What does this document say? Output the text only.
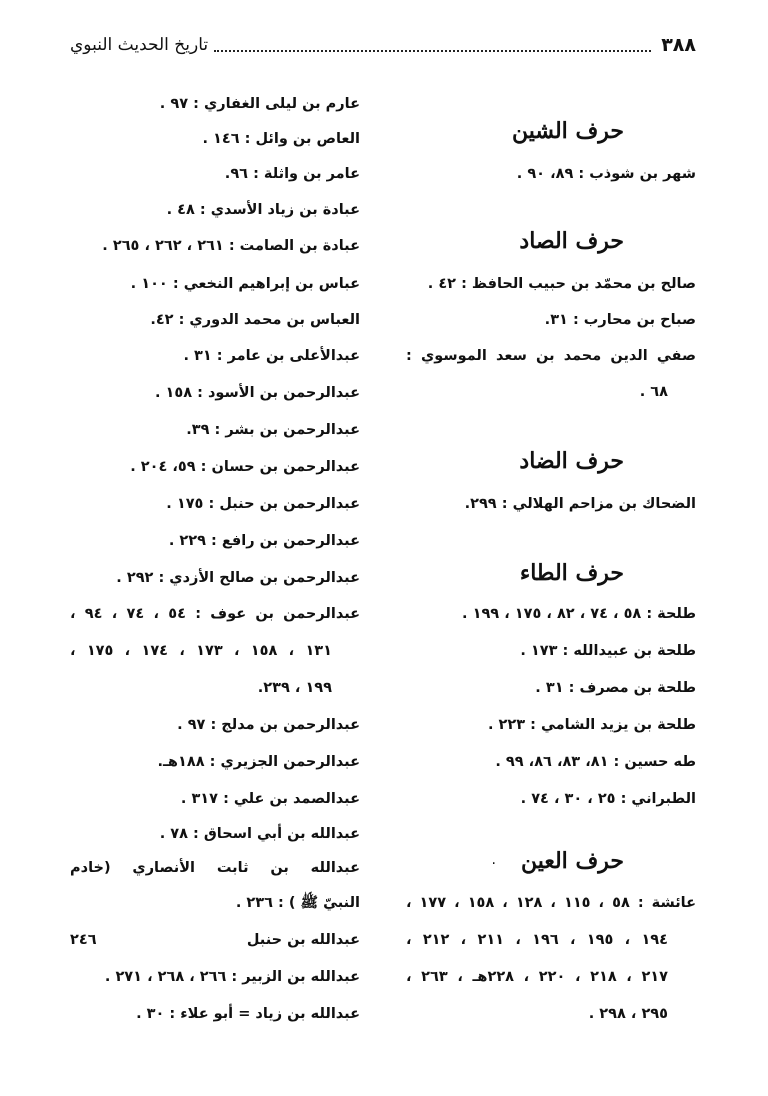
٣٨٨
تاريخ الحديث النبوي
حرف الشين
شهر بن شوذب : ٨٩، ٩٠ .
حرف الصاد
صالح بن محمّد بن حبيب الحافظ : ٤٢ .
صباح بن محارب : ٣١.
صفي الدين محمد بن سعد الموسوي :
٦٨ .
حرف الضاد
الضحاك بن مزاحم الهلالي : ٢٩٩.
حرف الطاء
طلحة : ٥٨ ، ٧٤ ، ٨٢ ، ١٧٥ ، ١٩٩ .
طلحة بن عبيدالله : ١٧٣ .
طلحة بن مصرف : ٣١ .
طلحة بن يزيد الشامي : ٢٢٣ .
طه حسين : ٨١، ٨٣، ٨٦، ٩٩ .
الطبراني : ٢٥ ، ٣٠ ، ٧٤ .
حرف العين
.
عائشة : ٥٨ ، ١١٥ ، ١٢٨ ، ١٥٨ ، ١٧٧ ،
١٩٤ ، ١٩٥ ، ١٩٦ ، ٢١١ ، ٢١٢ ،
٢١٧ ، ٢١٨ ، ٢٢٠ ، ٢٢٨هـ ، ٢٦٣ ،
٢٩٥ ، ٢٩٨ .
عارم بن ليلى الغفاري : ٩٧ .
العاص بن وائل : ١٤٦ .
عامر بن واثلة : ٩٦.
عبادة بن زياد الأسدي : ٤٨ .
عبادة بن الصامت : ٢٦١ ، ٢٦٢ ، ٢٦٥ .
عباس بن إبراهيم النخعي : ١٠٠ .
العباس بن محمد الدوري : ٤٢.
عبدالأعلى بن عامر : ٣١ .
عبدالرحمن بن الأسود : ١٥٨ .
عبدالرحمن بن بشر : ٣٩.
عبدالرحمن بن حسان : ٥٩، ٢٠٤ .
عبدالرحمن بن حنبل : ١٧٥ .
عبدالرحمن بن رافع : ٢٢٩ .
عبدالرحمن بن صالح الأزدي : ٢٩٢ .
عبدالرحمن بن عوف : ٥٤ ، ٧٤ ، ٩٤ ،
١٣١ ، ١٥٨ ، ١٧٣ ، ١٧٤ ، ١٧٥ ،
١٩٩ ، ٢٣٩.
عبدالرحمن بن مدلج : ٩٧ .
عبدالرحمن الجزيري : ١٨٨هـ.
عبدالصمد بن علي : ٣١٧ .
عبدالله بن أبي اسحاق : ٧٨ .
عبدالله بن ثابت الأنصاري (خادم
النبيّ ﷺ ) : ٢٣٦ .
عبدالله بن حنبل
٢٤٦
عبدالله بن الزبير : ٢٦٦ ، ٢٦٨ ، ٢٧١ .
عبدالله بن زياد = أبو علاء : ٣٠ .
